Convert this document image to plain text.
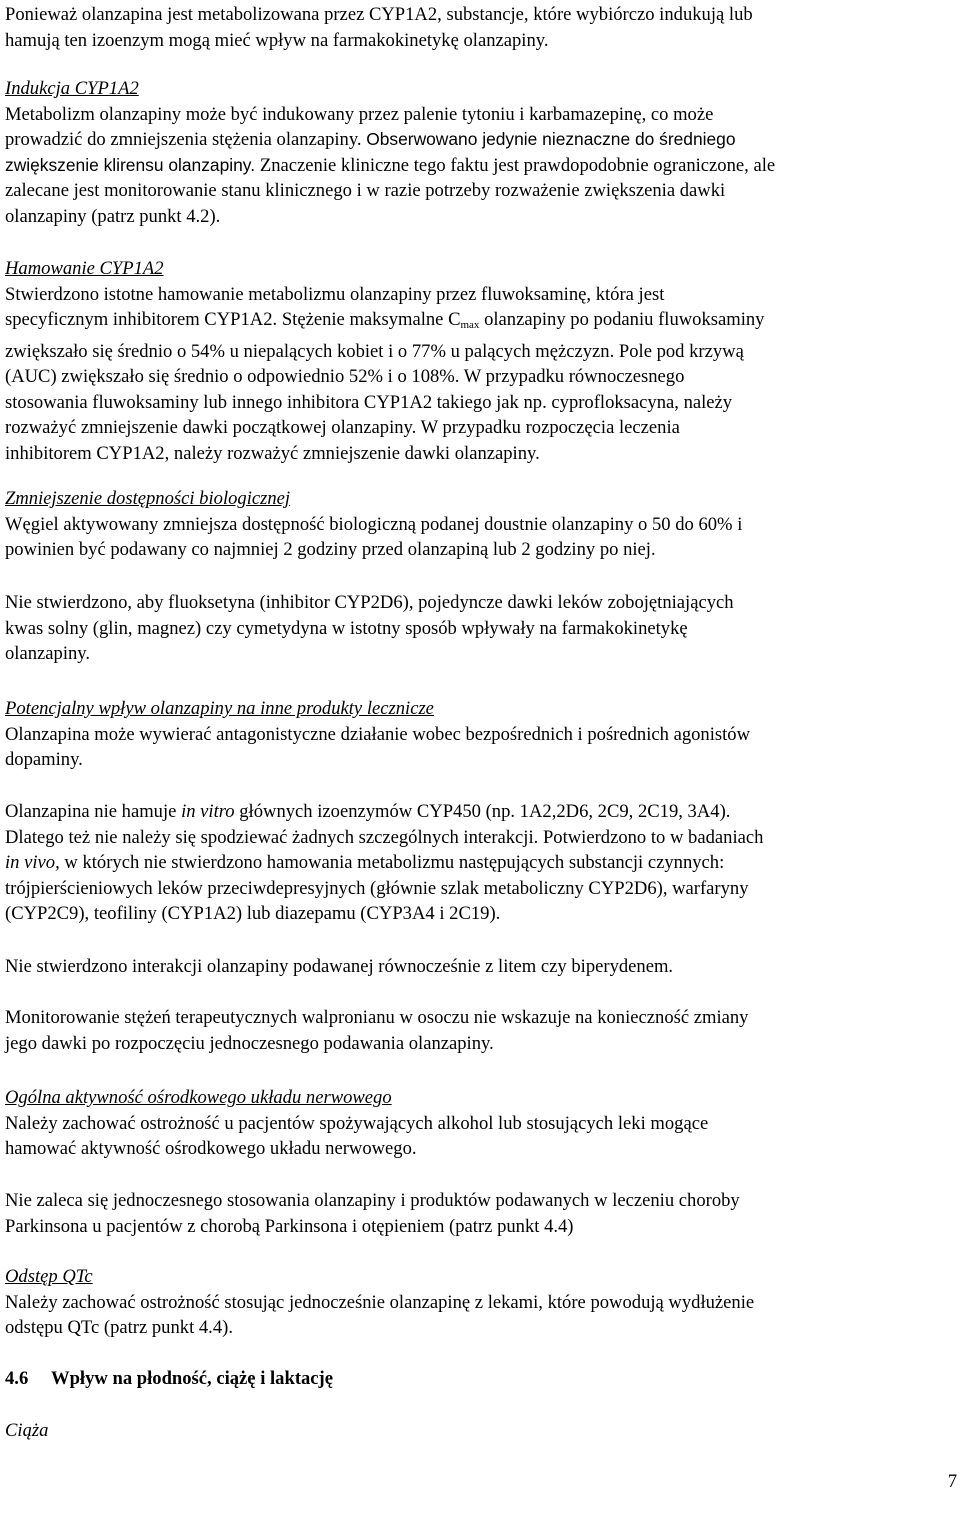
Ponieważ olanzapina jest metabolizowana przez CYP1A2, substancje, które wybiórczo indukują lub
hamują ten izoenzym mogą mieć wpływ na farmakokinetykę olanzapiny.
Indukcja CYP1A2
Metabolizm olanzapiny może być indukowany przez palenie tytoniu i karbamazepinę, co może
prowadzić do zmniejszenia stężenia olanzapiny. Obserwowano jedynie nieznaczne do średniego
zwiększenie klirensu olanzapiny. Znaczenie kliniczne tego faktu jest prawdopodobnie ograniczone, ale
zalecane jest monitorowanie stanu klinicznego i w razie potrzeby rozważenie zwiększenia dawki
olanzapiny (patrz punkt 4.2).
Hamowanie CYP1A2
Stwierdzono istotne hamowanie metabolizmu olanzapiny przez fluwoksaminę, która jest
specyficznym inhibitorem CYP1A2. Stężenie maksymalne $C_{max}$ olanzapiny po podaniu fluwoksaminy
zwiększało się średnio o 54% u niepalących kobiet i o 77% u palących mężczyzn. Pole pod krzywą
(AUC) zwiększało się średnio o odpowiednio 52% i o 108%. W przypadku równoczesnego
stosowania fluwoksaminy lub innego inhibitora CYP1A2 takiego jak np. cyprofloksacyna, należy
rozważyć zmniejszenie dawki początkowej olanzapiny. W przypadku rozpoczęcia leczenia
inhibitorem CYP1A2, należy rozważyć zmniejszenie dawki olanzapiny.
Zmniejszenie dostępności biologicznej
Węgiel aktywowany zmniejsza dostępność biologiczną podanej doustnie olanzapiny o 50 do 60% i
powinien być podawany co najmniej 2 godziny przed olanzapiną lub 2 godziny po niej.
Nie stwierdzono, aby fluoksetyna (inhibitor CYP2D6), pojedyncze dawki leków zobojętniających
kwas solny (glin, magnez) czy cymetydyna w istotny sposób wpływały na farmakokinetykę
olanzapiny.
Potencjalny wpływ olanzapiny na inne produkty lecznicze
Olanzapina może wywierać antagonistyczne działanie wobec bezpośrednich i pośrednich agonistów
dopaminy.
Olanzapina nie hamuje in vitro głównych izoenzymów CYP450 (np. 1A2,2D6, 2C9, 2C19, 3A4).
Dlatego też nie należy się spodziewać żadnych szczególnych interakcji. Potwierdzono to w badaniach
in vivo, w których nie stwierdzono hamowania metabolizmu następujących substancji czynnych:
trójpierścieniowych leków przeciwdepresyjnych (głównie szlak metaboliczny CYP2D6), warfaryny
(CYP2C9), teofiliny (CYP1A2) lub diazepamu (CYP3A4 i 2C19).
Nie stwierdzono interakcji olanzapiny podawanej równocześnie z litem czy biperydenem.
Monitorowanie stężeń terapeutycznych walpronianu w osoczu nie wskazuje na konieczność zmiany
jego dawki po rozpoczęciu jednoczesnego podawania olanzapiny.
Ogólna aktywność ośrodkowego układu nerwowego
Należy zachować ostrożność u pacjentów spożywających alkohol lub stosujących leki mogące
hamować aktywność ośrodkowego układu nerwowego.
Nie zaleca się jednoczesnego stosowania olanzapiny i produktów podawanych w leczeniu choroby
Parkinsona u pacjentów z chorobą Parkinsona i otępieniem (patrz punkt 4.4)
Odstęp QTc
Należy zachować ostrożność stosując jednocześnie olanzapinę z lekami, które powodują wydłużenie
odstępu QTc (patrz punkt 4.4).
4.6 Wpływ na płodność, ciążę i laktację
Ciąża
7
